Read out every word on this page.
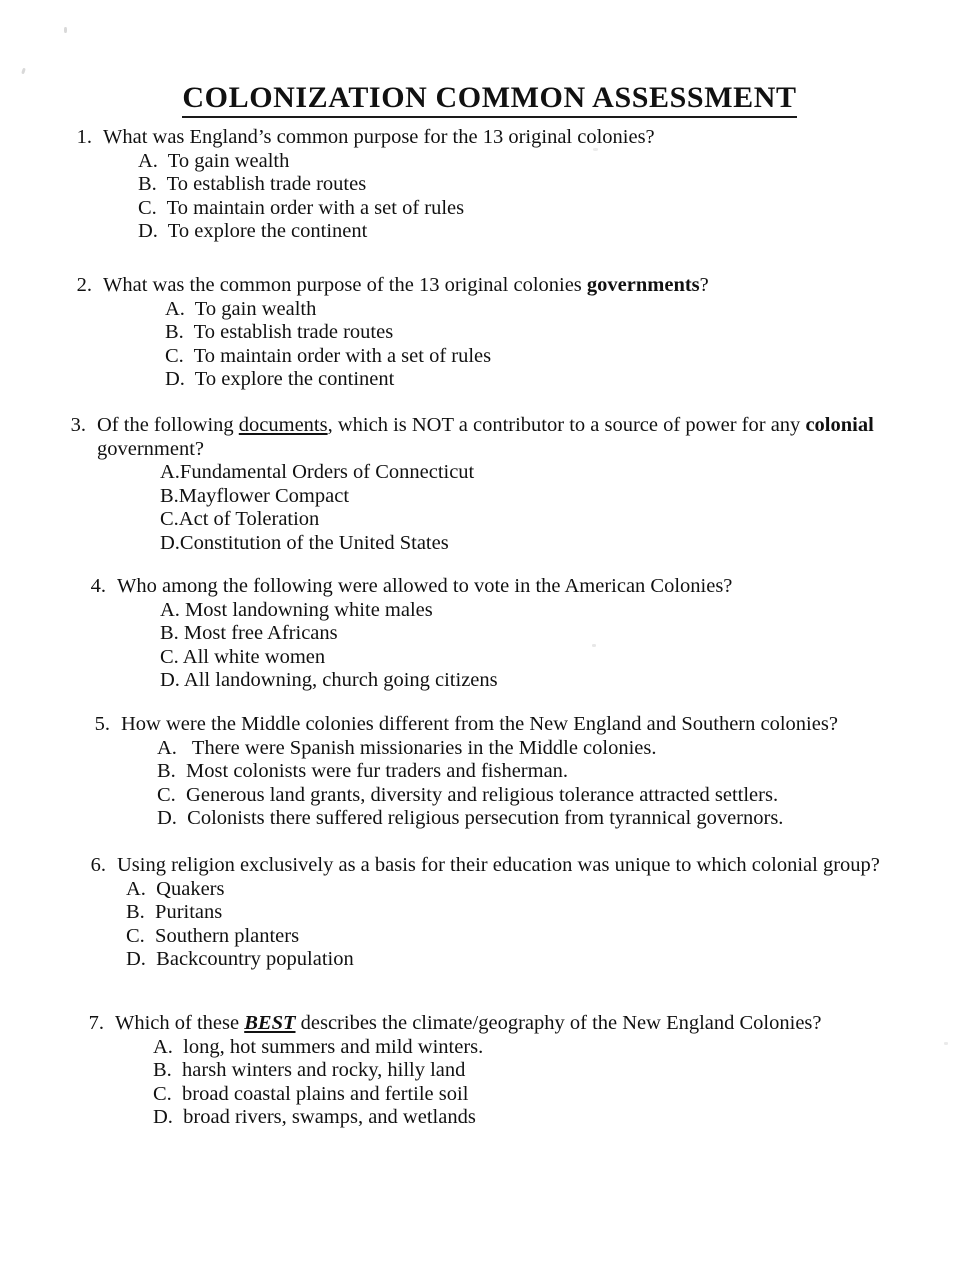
COLONIZATION COMMON ASSESSMENT
1. What was England’s common purpose for the 13 original colonies?
A.  To gain wealth
B.  To establish trade routes
C.  To maintain order with a set of rules
D.  To explore the continent
2. What was the common purpose of the 13 original colonies governments?
A.  To gain wealth
B.  To establish trade routes
C.  To maintain order with a set of rules
D.  To explore the continent
3. Of the following documents, which is NOT a contributor to a source of power for any colonial government?
A.Fundamental Orders of Connecticut
B.Mayflower Compact
C.Act of Toleration
D.Constitution of the United States
4. Who among the following were allowed to vote in the American Colonies?
A. Most landowning white males
B. Most free Africans
C. All white women
D. All landowning, church going citizens
5. How were the Middle colonies different from the New England and Southern colonies?
A.   There were Spanish missionaries in the Middle colonies.
B.  Most colonists were fur traders and fisherman.
C.  Generous land grants, diversity and religious tolerance attracted settlers.
D.  Colonists there suffered religious persecution from tyrannical governors.
6. Using religion exclusively as a basis for their education was unique to which colonial group?
A.  Quakers
B.  Puritans
C.  Southern planters
D.  Backcountry population
7. Which of these BEST describes the climate/geography of the New England Colonies?
A.  long, hot summers and mild winters.
B.  harsh winters and rocky, hilly land
C.  broad coastal plains and fertile soil
D.  broad rivers, swamps, and wetlands
